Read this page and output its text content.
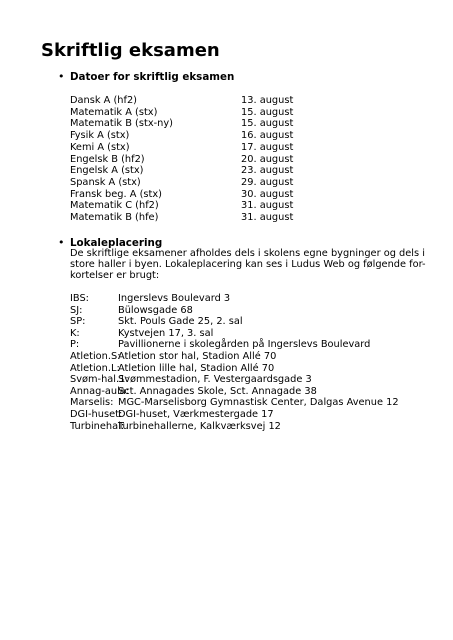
Skriftlig eksamen
• Datoer for skriftlig eksamen
Dansk A (hf2)	13. august
Matematik A (stx)	15. august
Matematik B (stx-ny)	15. august
Fysik A (stx)	16. august
Kemi A (stx)	17. august
Engelsk B (hf2)	20. august
Engelsk A (stx)	23. august
Spansk A (stx)	29. august
Fransk beg. A (stx)	30. august
Matematik C (hf2)	31. august
Matematik B (hfe)	31. august
• Lokaleplacering
De skriftlige eksamener afholdes dels i skolens egne bygninger og dels i
store haller i byen. Lokaleplacering kan ses i Ludus Web og følgende for-
kortelser er brugt:
IBS:	Ingerslevs Boulevard 3
SJ:	Bülowsgade 68
SP:	Skt. Pouls Gade 25, 2. sal
K:	Kystvejen 17, 3. sal
P:	Pavillionerne i skolegården på Ingerslevs Boulevard
Atletion.S:
Atletion stor hal, Stadion Allé 70
Atletion.L:
Atletion lille hal, Stadion Allé 70
Svøm-hal.1:
Svømmestadion, F. Vestergaardsgade 3
Annag-aula:
Sct. Annagades Skole, Sct. Annagade 38
Marselis: MGC-Marselisborg Gymnastisk Center, Dalgas Avenue 12
DGI-huset:
DGI-huset, Værkmestergade 17
Turbinehal:
Turbinehallerne, Kalkværksvej 12
